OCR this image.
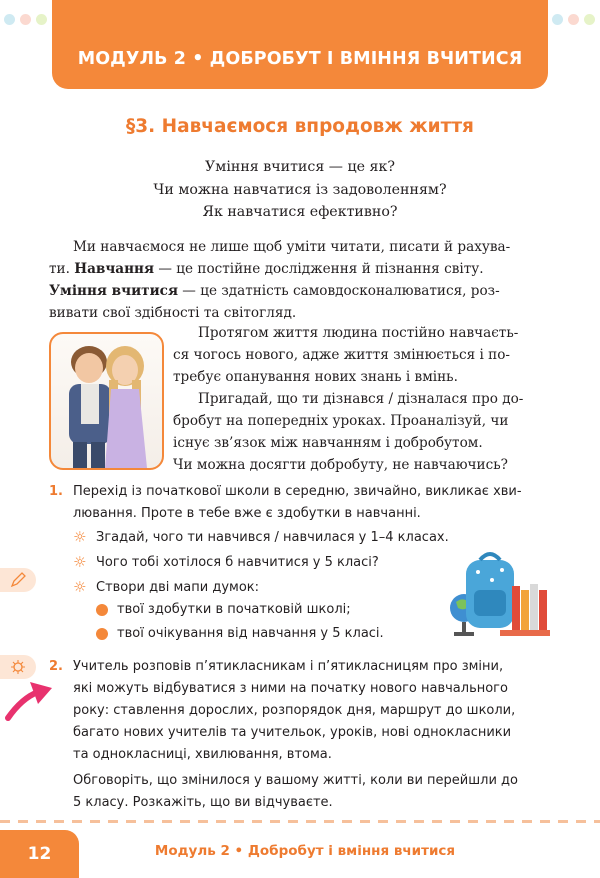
МОДУЛЬ 2 • ДОБРОБУТ І ВМІННЯ ВЧИТИСЯ
§3. Навчаємося впродовж життя
Уміння вчитися — це як?
Чи можна навчатися із задоволенням?
Як навчатися ефективно?
Ми навчаємося не лише щоб уміти читати, писати й рахува-
ти. Навчання — це постійне дослідження й пізнання світу.
Уміння вчитися — це здатність самовдосконалюватися, роз-
вивати свої здібності та світогляд.
Протягом життя людина постійно навчаєть-
ся чогось нового, адже життя змінюється і по-
требує опанування нових знань і вмінь.
Пригадай, що ти дізнався / дізналася про до-
бробут на попередніх уроках. Проаналізуй, чи
існує зв’язок між навчанням і добробутом.
Чи можна досягти добробуту, не навчаючись?
1. Перехід із початкової школи в середню, звичайно, викликає хви-
лювання. Проте в тебе вже є здобутки в навчанні.
☼ Згадай, чого ти навчився / навчилася у 1–4 класах.
☼ Чого тобі хотілося б навчитися у 5 класі?
☼ Створи дві мапи думок:
твої здобутки в початковій школі;
твої очікування від навчання у 5 класі.
2. Учитель розповів п’ятикласникам і п’ятикласницям про зміни,
які можуть відбуватися з ними на початку нового навчального
року: ставлення дорослих, розпорядок дня, маршрут до школи,
багато нових учителів та учительок, уроків, нові однокласники
та однокласниці, хвилювання, втома.
Обговоріть, що змінилося у вашому житті, коли ви перейшли до
5 класу. Розкажіть, що ви відчуваєте.
12	Модуль 2 • Добробут і вміння вчитися
